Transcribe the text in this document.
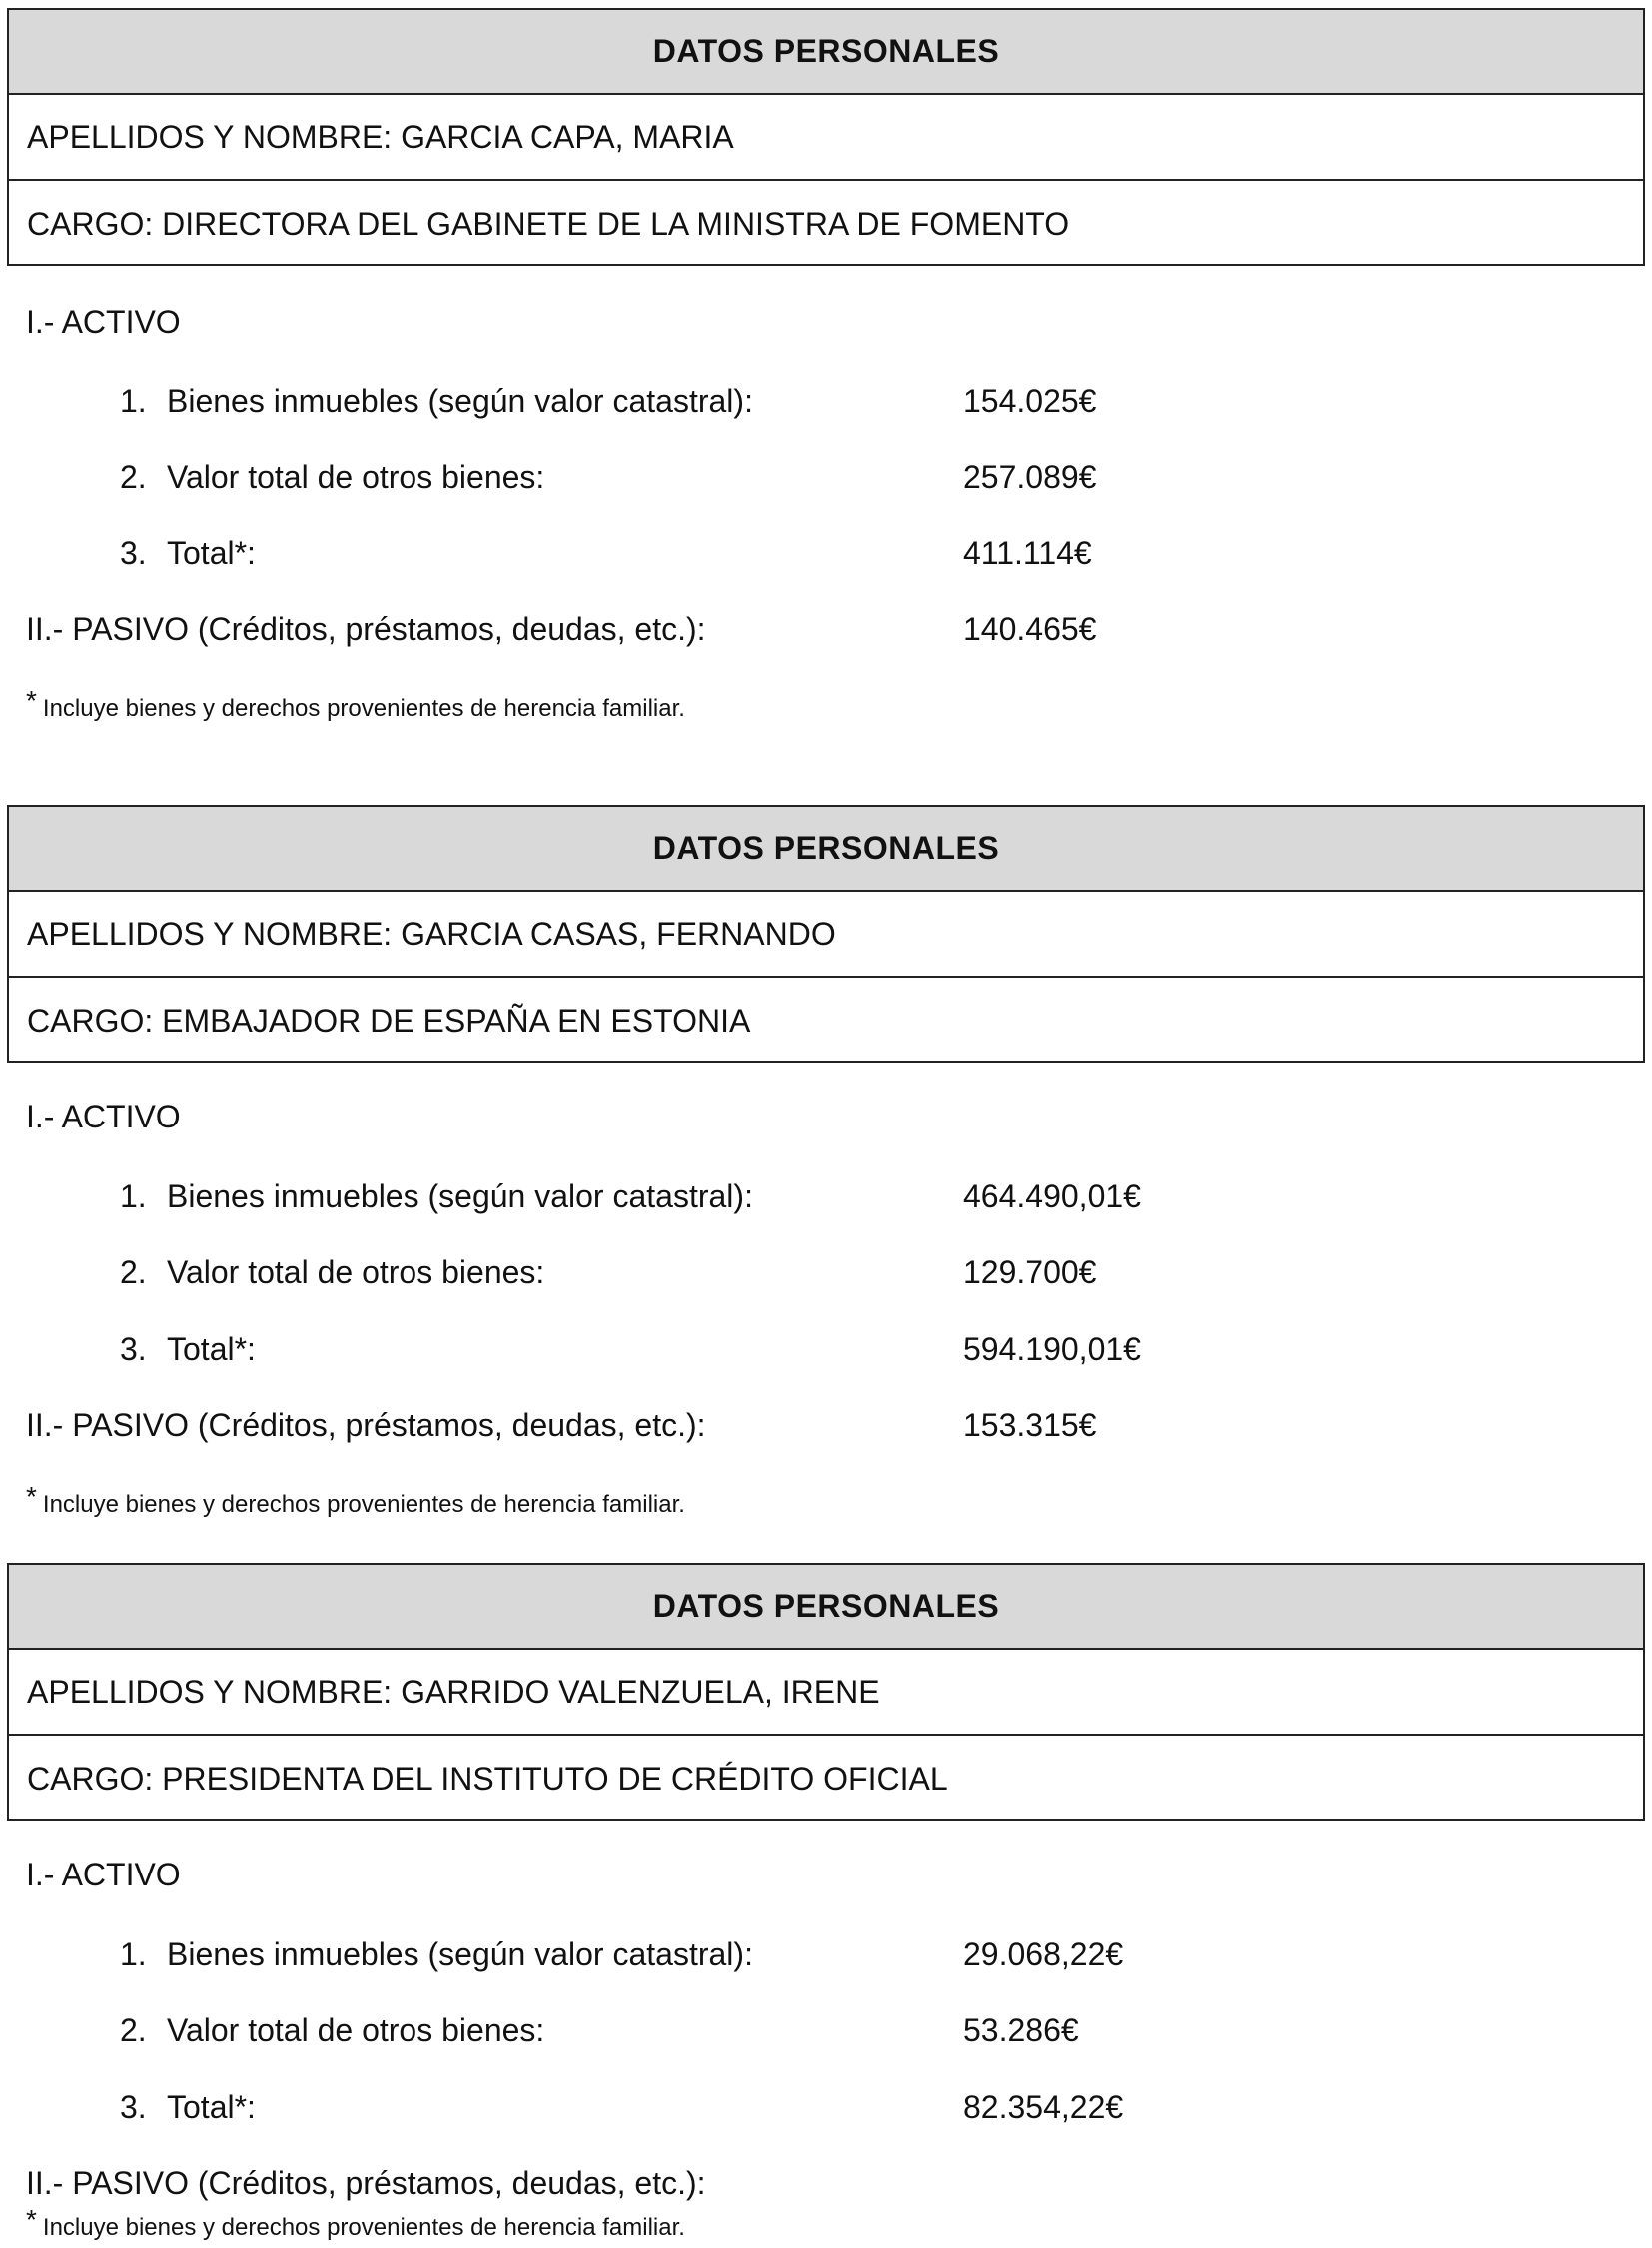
DATOS PERSONALES
APELLIDOS Y NOMBRE: GARCIA CAPA, MARIA
CARGO: DIRECTORA DEL GABINETE DE LA MINISTRA DE FOMENTO
I.- ACTIVO
1. Bienes inmuebles (según valor catastral):	154.025€
2. Valor total de otros bienes:	257.089€
3. Total*:	411.114€
II.- PASIVO (Créditos, préstamos, deudas, etc.):	140.465€
* Incluye bienes y derechos provenientes de herencia familiar.
DATOS PERSONALES
APELLIDOS Y NOMBRE: GARCIA CASAS, FERNANDO
CARGO: EMBAJADOR DE ESPAÑA EN ESTONIA
I.- ACTIVO
1. Bienes inmuebles (según valor catastral):	464.490,01€
2. Valor total de otros bienes:	129.700€
3. Total*:	594.190,01€
II.- PASIVO (Créditos, préstamos, deudas, etc.):	153.315€
* Incluye bienes y derechos provenientes de herencia familiar.
DATOS PERSONALES
APELLIDOS Y NOMBRE: GARRIDO VALENZUELA, IRENE
CARGO: PRESIDENTA DEL INSTITUTO DE CRÉDITO OFICIAL
I.- ACTIVO
1. Bienes inmuebles (según valor catastral):	29.068,22€
2. Valor total de otros bienes:	53.286€
3. Total*:	82.354,22€
II.- PASIVO (Créditos, préstamos, deudas, etc.):
* Incluye bienes y derechos provenientes de herencia familiar.
